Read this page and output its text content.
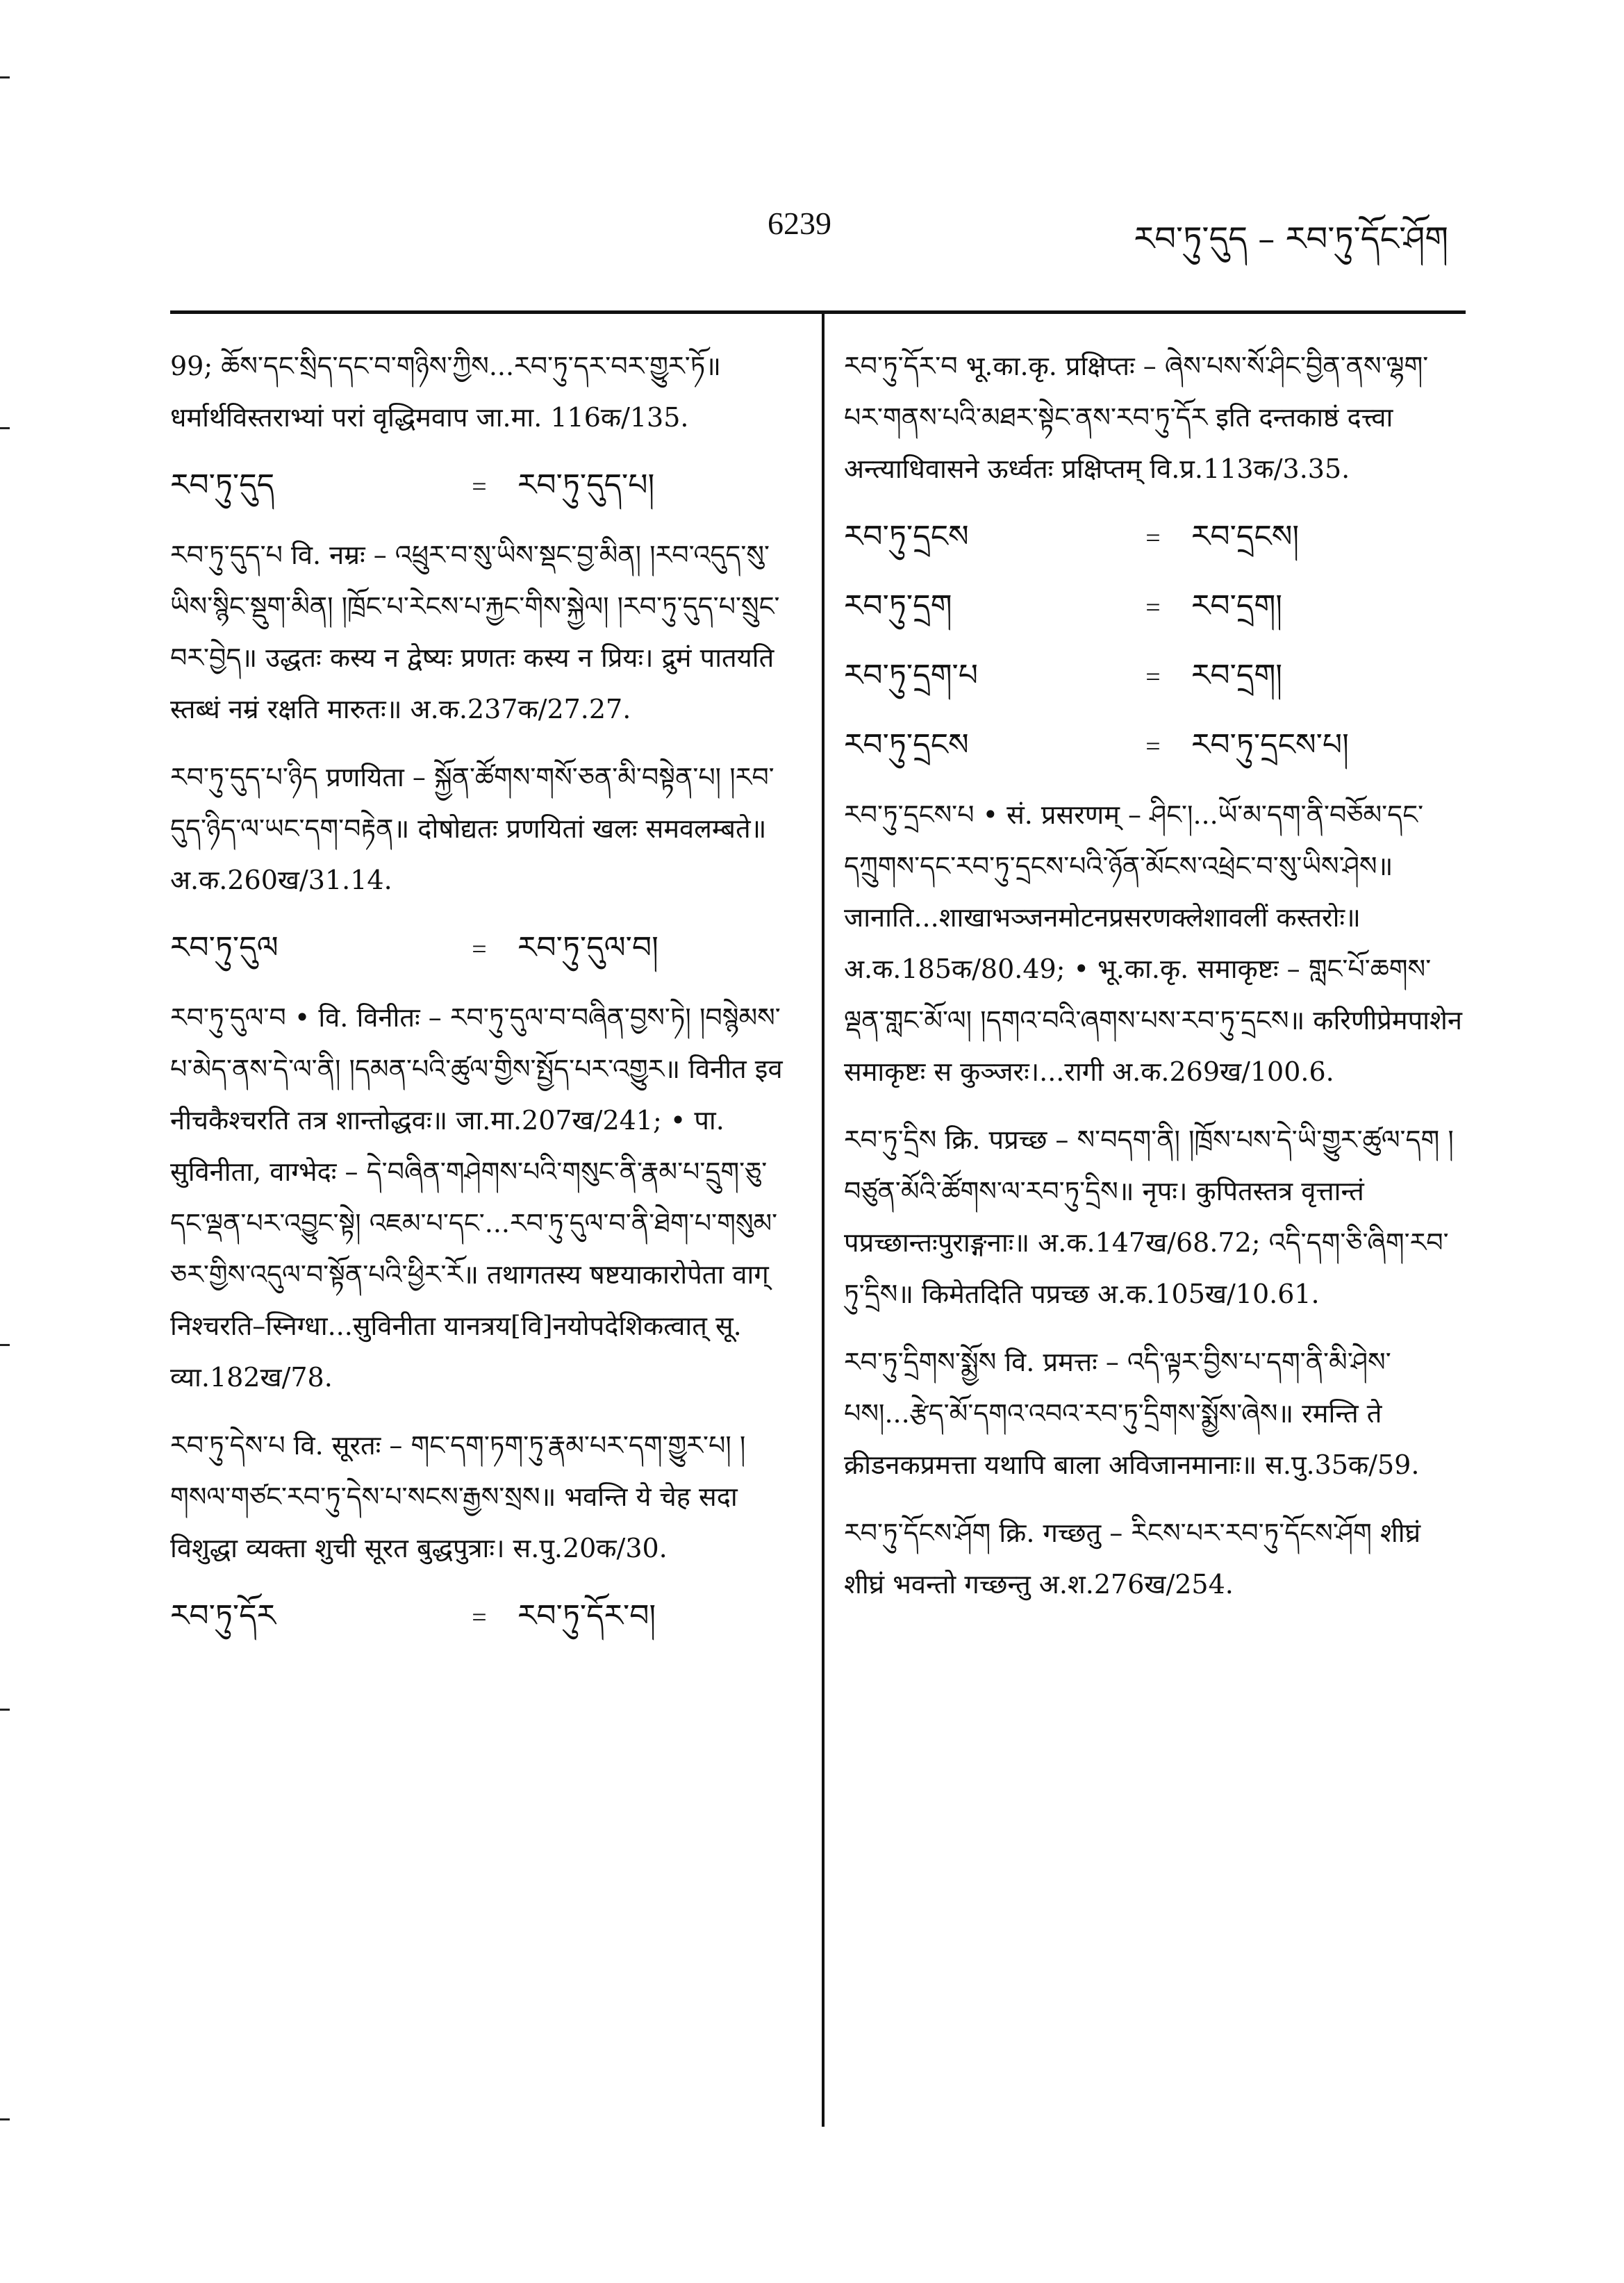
6239	རབ་ཏུ་དུད – རབ་ཏུ་དོང་ཤོག

99; ཆོས་དང་སྲིད་དང་བ་གཉིས་ཀྱིས...རབ་ཏུ་དར་བར་གྱུར་ཏོ॥ धर्मार्थविस्तराभ्यां परां वृद्धिमवाप जा.मा. 116क/135.

རབ་ཏུ་དུད	=	རབ་ཏུ་དུད་པ།

རབ་ཏུ་དུད་པ वि. नम्रः – འཕྲུར་བ་སུ་ཡིས་སྡང་བྱ་མིན། །རབ་འདུད་སུ་ཡིས་སྙིང་སྡུག་མིན། །ཁྲོང་པ་རེངས་པ་རྐྱང་གིས་སྐྱེལ། །རབ་ཏུ་དུད་པ་སྲུང་བར་བྱེད॥ उद्धतः कस्य न द्वेष्यः प्रणतः कस्य न प्रियः। द्रुमं पातयति स्तब्धं नम्रं रक्षति मारुतः॥ अ.क.237क/27.27.

རབ་ཏུ་དུད་པ་ཉིད प्रणयिता – སྐྱོན་ཚོགས་གསོ་ཅན་མི་བསྟེན་པ། །རབ་དུད་ཉིད་ལ་ཡང་དག་བརྟེན॥ दोषोद्यतः प्रणयितां खलः समवलम्बते॥ अ.क.260ख/31.14.

རབ་ཏུ་དུལ	=	རབ་ཏུ་དུལ་བ།

རབ་ཏུ་དུལ་བ • वि. विनीतः – རབ་ཏུ་དུལ་བ་བཞིན་བྱས་ཏེ། །བསྙེམས་པ་མེད་ནས་དེ་ལ་ནི། །དམན་པའི་ཚུལ་གྱིས་སྤྱོད་པར་འགྱུར॥ विनीत इव नीचकैश्चरति तत्र शान्तोद्धवः॥ जा.मा.207ख/241; • पा. सुविनीता, वाग्भेदः – དེ་བཞིན་གཤེགས་པའི་གསུང་ནི་རྣམ་པ་དྲུག་ཅུ་དང་ལྡན་པར་འབྱུང་སྟེ། འཇམ་པ་དང་...རབ་ཏུ་དུལ་བ་ནི་ཐེག་པ་གསུམ་ཅར་གྱིས་འདུལ་བ་སྟོན་པའི་ཕྱིར་རོ॥ तथागतस्य षष्टयाकारोपेता वाग् निश्चरति–स्निग्धा...सुविनीता यानत्रय[वि]नयोपदेशिकत्वात् सू. व्या.182ख/78.

རབ་ཏུ་དེས་པ वि. सूरतः – གང་དག་ཏག་ཏུ་རྣམ་པར་དག་གྱུར་པ། །གསལ་གཙང་རབ་ཏུ་དེས་པ་སངས་རྒྱས་སྲས॥ भवन्ति ये चेह सदा विशुद्धा व्यक्ता शुची सूरत बुद्धपुत्राः। स.पु.20क/30.

རབ་ཏུ་དོར	=	རབ་ཏུ་དོར་བ།

རབ་ཏུ་དོར་བ भू.का.कृ. प्रक्षिप्तः – ཞེས་པས་སོ་ཤིང་བྱིན་ནས་ལྷག་པར་གནས་པའི་མཐར་སྟེང་ནས་རབ་ཏུ་དོར इति दन्तकाष्ठं दत्त्वा अन्त्याधिवासने ऊर्ध्वतः प्रक्षिप्तम् वि.प्र.113क/3.35.

རབ་ཏུ་དྲངས	=	རབ་དྲངས།
རབ་ཏུ་དྲག	=	རབ་དྲག།
རབ་ཏུ་དྲག་པ	=	རབ་དྲག།
རབ་ཏུ་དྲངས	=	རབ་ཏུ་དྲངས་པ།

རབ་ཏུ་དྲངས་པ • सं. प्रसरणम् – ཤིང་།...ཡོ་མ་དག་ནི་བཅོམ་དང་དཀྲུགས་དང་རབ་ཏུ་དྲངས་པའི་ཉོན་མོངས་འཕྲེང་བ་སུ་ཡིས་ཤེས॥ जानाति...शाखाभञ्जनमोटनप्रसरणक्लेशावलीं कस्तरोः॥ अ.क.185क/80.49; • भू.का.कृ. समाकृष्टः – གླང་པོ་ཆགས་ལྡན་གླང་མོ་ལ། །དགའ་བའི་ཞགས་པས་རབ་ཏུ་དྲངས॥ करिणीप्रेमपाशेन समाकृष्टः स कुञ्जरः।...रागी अ.क.269ख/100.6.

རབ་ཏུ་དྲིས क्रि. पप्रच्छ – ས་བདག་ནི། །ཁྲོས་པས་དེ་ཡི་གྱུར་ཚུལ་དག །བཙུན་མོའི་ཚོགས་ལ་རབ་ཏུ་དྲིས॥ नृपः। कुपितस्तत्र वृत्तान्तं पप्रच्छान्तःपुराङ्गनाः॥ अ.क.147ख/68.72; འདི་དག་ཅི་ཞིག་རབ་ཏུ་དྲིས॥ किमेतदिति पप्रच्छ अ.क.105ख/10.61.

རབ་ཏུ་དྲིགས་སྨྱོས वि. प्रमत्तः – འདི་ལྟར་བྱིས་པ་དག་ནི་མི་ཤེས་པས།...རྩེད་མོ་དགའ་འབའ་རབ་ཏུ་དྲིགས་སྨྱོས་ཞེས॥ रमन्ति ते क्रीडनकप्रमत्ता यथापि बाला अविजानमानाः॥ स.पु.35क/59.

རབ་ཏུ་དོངས་ཤོག क्रि. गच्छतु – རིངས་པར་རབ་ཏུ་དོངས་ཤོག शीघ्रं शीघ्रं भवन्तो गच्छन्तु अ.श.276ख/254.
